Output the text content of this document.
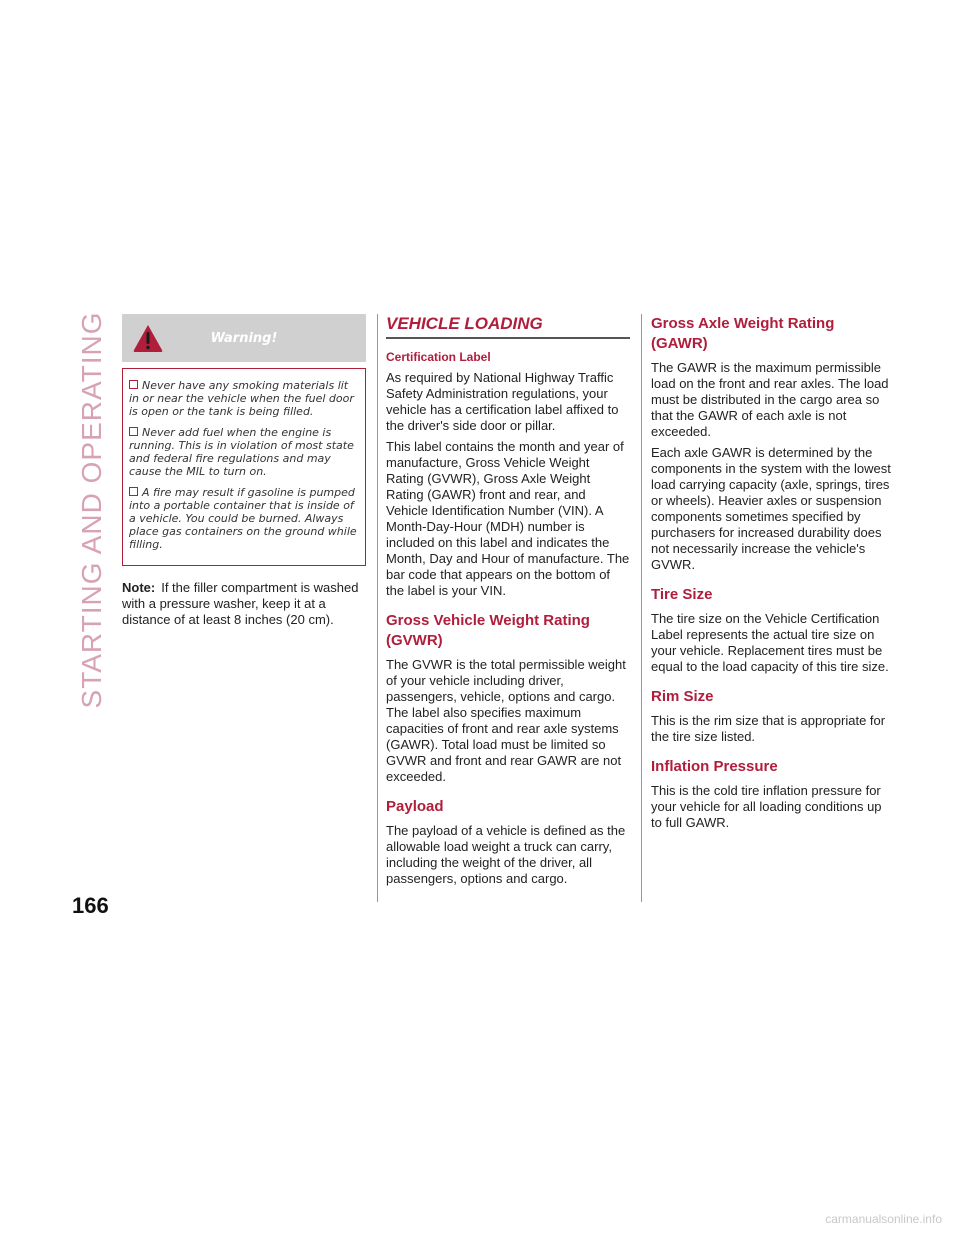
STARTING AND OPERATING	Warning!
Never have any smoking materials lit in or near the vehicle when the fuel door is open or the tank is being filled.
Never add fuel when the engine is running. This is in violation of most state and federal fire regulations and may cause the MIL to turn on.
A fire may result if gasoline is pumped into a portable container that is inside of a vehicle. You could be burned. Always place gas containers on the ground while filling.
Note: If the filler compartment is washed with a pressure washer, keep it at a distance of at least 8 inches (20 cm).
VEHICLE LOADING
Certification Label

As required by National Highway Traffic Safety Administration regulations, your vehicle has a certification label affixed to the driver's side door or pillar.

This label contains the month and year of manufacture, Gross Vehicle Weight Rating (GVWR), Gross Axle Weight Rating (GAWR) front and rear, and Vehicle Identification Number (VIN). A Month-Day-Hour (MDH) number is included on this label and indicates the Month, Day and Hour of manufacture. The bar code that appears on the bottom of the label is your VIN.

Gross Vehicle Weight Rating (GVWR)

The GVWR is the total permissible weight of your vehicle including driver, passengers, vehicle, options and cargo. The label also specifies maximum capacities of front and rear axle systems (GAWR). Total load must be limited so GVWR and front and rear GAWR are not exceeded.

Payload

The payload of a vehicle is defined as the allowable load weight a truck can carry, including the weight of the driver, all passengers, options and cargo.

Gross Axle Weight Rating (GAWR)

The GAWR is the maximum permissible load on the front and rear axles. The load must be distributed in the cargo area so that the GAWR of each axle is not exceeded.

Each axle GAWR is determined by the components in the system with the lowest load carrying capacity (axle, springs, tires or wheels). Heavier axles or suspension components sometimes specified by purchasers for increased durability does not necessarily increase the vehicle's GVWR.

Tire Size

The tire size on the Vehicle Certification Label represents the actual tire size on your vehicle. Replacement tires must be equal to the load capacity of this tire size.

Rim Size

This is the rim size that is appropriate for the tire size listed.

Inflation Pressure

This is the cold tire inflation pressure for your vehicle for all loading conditions up to full GAWR.

166
carmanualsonline.info
